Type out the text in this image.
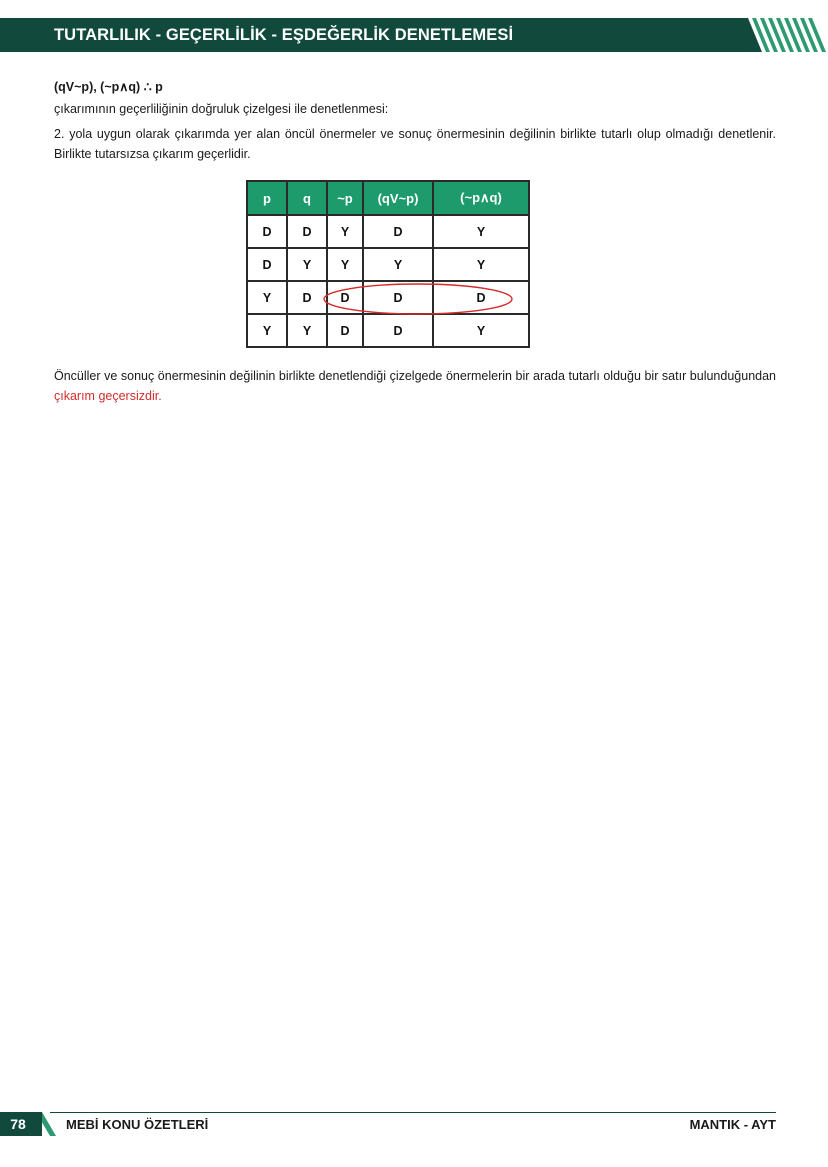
TUTARLILIK - GEÇERLİLİK - EŞDEĞERLİK DENETLEMESİ
(qV~p), (~p∧q) ∴ p
çıkarımının geçerliliğinin doğruluk çizelgesi ile denetlenmesi:
2. yola uygun olarak çıkarımda yer alan öncül önermeler ve sonuç önermesinin değilinin birlikte tutarlı olup olmadığı denetlenir. Birlikte tutarsızsa çıkarım geçerlidir.
p	q	~p	(qV~p)	(~p∧q)
D	D	Y	D	Y
D	Y	Y	Y	Y
Y	D	D	D	D
Y	Y	D	D	Y
Öncüller ve sonuç önermesinin değilinin birlikte denetlendiği çizelgede önermelerin bir arada tutarlı olduğu bir satır bulunduğundan çıkarım geçersizdir.
78	MEBİ KONU ÖZETLERİ	MANTIK - AYT
